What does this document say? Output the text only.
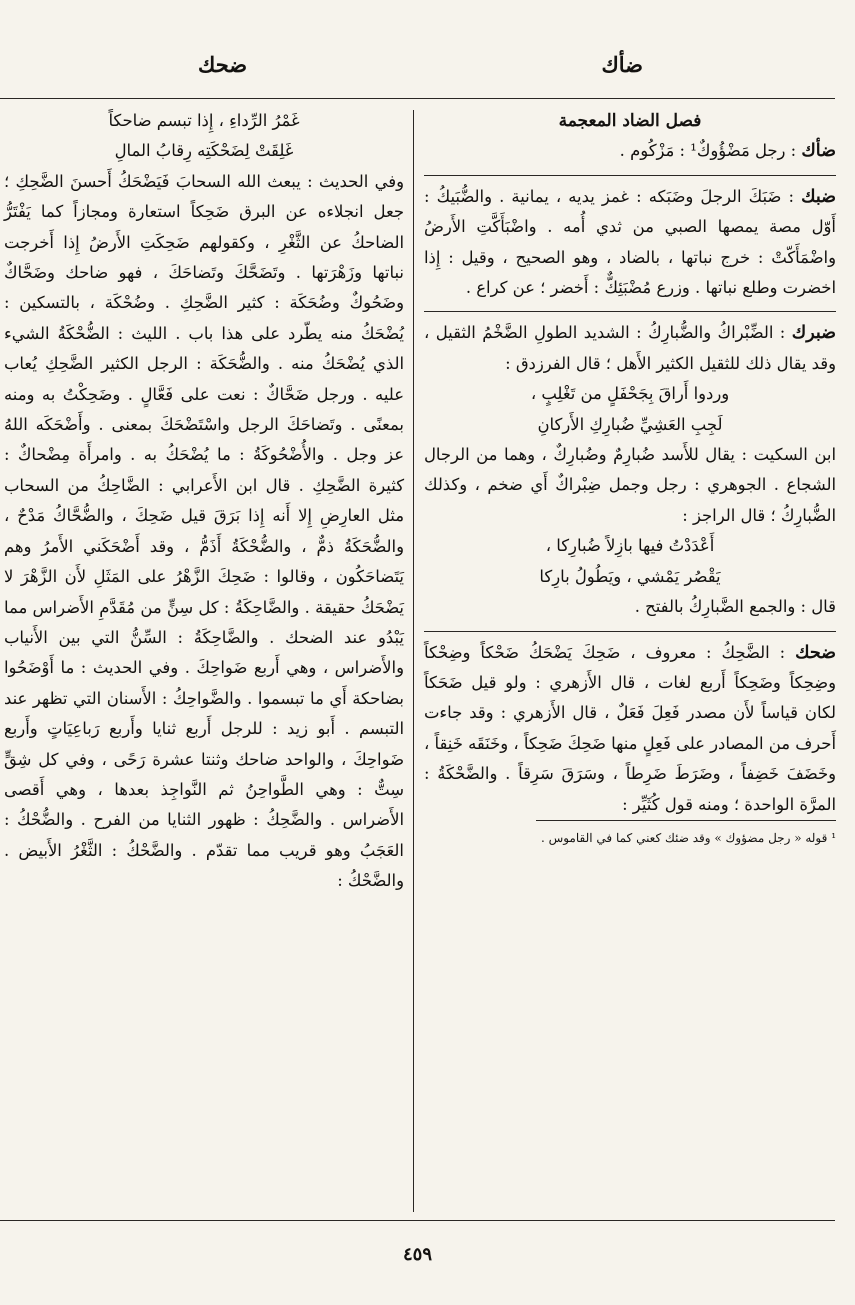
ضأك
ضحك

فصل الضاد المعجمة

ضأك : رجل مَضْؤُوكٌ¹ : مَزْكُوم .

ضبك : ضَبَكَ الرجلَ وضَبَكه : غمز يديه ، يمانية . والضُّبَيكُ : أَوّل مصة يمصها الصبي من ثدي أُمه . واضْبَأَكَّتِ الأَرضُ واضْمَأَكّتْ : خرج نباتها ، بالضاد ، وهو الصحيح ، وقيل : إِذا اخضرت وطلع نباتها . وزرع مُضْبَئِكٌّ : أَخضر ؛ عن كراع .

ضبرك : الضِّبْراكُ والضُّبارِكُ : الشديد الطولِ الضَّخْمُ الثقيل ، وقد يقال ذلك للثقيل الكثير الأَهل ؛ قال الفرزدق :

وردوا أَراقَ بِجَحْفَلٍ من تَغْلِبٍ ،
لَجِبِ العَشِيِّ ضُبارِكِ الأَركانِ

ابن السكيت : يقال للأَسد ضُبارِمٌ وضُبارِكٌ ، وهما من الرجال الشجاع . الجوهري : رجل وجمل ضِبْراكٌ أَي ضخم ، وكذلك الضُّبارِكُ ؛ قال الراجز :

أَعْدَدْتُ فيها بازِلاً ضُبارِكا ،
يَقْصُر يَمْشي ، ويَطُولُ بارِكا

قال : والجمع الضَّبارِكُ بالفتح .

ضحك : الضَّحِكُ : معروف ، ضَحِكَ يَضْحَكُ ضَحْكاً وضِحْكاً وضِحِكاً وضَحِكاً أَربع لغات ، قال الأَزهري : ولو قيل ضَحَكاً لكان قياساً لأَن مصدر فَعِلَ فَعَلٌ ، قال الأَزهري : وقد جاءت أَحرف من المصادر على فَعِلٍ منها ضَحِكَ ضَحِكاً ، وخَنَقَه خَنِقاً ، وخَضَفَ خَضِفاً ، وضَرَطَ ضَرِطاً ، وسَرَقَ سَرِقاً . والضَّحْكَةُ : المرَّة الواحدة ؛ ومنه قول كُثَيِّر :

¹ قوله « رجل مضؤوك » وقد ضئك كعني كما في القاموس .

غَمْرُ الرِّداءِ ، إِذا تبسم ضاحكاً
غَلِقَتْ لِضَحْكَتِه رِقابُ المالِ

وفي الحديث : يبعث الله السحابَ فَيَضْحَكُ أَحسنَ الضَّحِكِ ؛ جعل انجلاءه عن البرق ضَحِكاً استعارة ومجازاً كما يَفْتَرُّ الضاحكُ عن الثَّغْرِ ، وكقولهم ضَحِكَتِ الأَرضُ إِذا أَخرجت نباتها وزَهْرَتها . وتَضَحَّكَ وتَضاحَكَ ، فهو ضاحك وضَحَّاكٌ وضَحُوكٌ وضُحَكَة : كثير الضَّحِكِ . وضُحْكَة ، بالتسكين : يُضْحَكُ منه يطّرد على هذا باب . الليث : الضُّحْكَةُ الشيء الذي يُضْحَكُ منه . والضُّحَكَة : الرجل الكثير الضَّحِكِ يُعاب عليه . ورجل ضَحَّاكٌ : نعت على فَعَّالٍ . وضَحِكْتُ به ومنه بمعنًى . وتَضاحَكَ الرجل واسْتَضْحَكَ بمعنى . وأَضْحَكَه اللهُ عز وجل . والأُضْحُوكَةُ : ما يُضْحَكُ به . وامرأَة مِضْحاكٌ : كثيرة الضَّحِكِ . قال ابن الأَعرابي : الضَّاحِكُ من السحاب مثل العارِضِ إِلا أَنه إِذا بَرَقَ قيل ضَحِكَ ، والضُّحَّاكُ مَدْحٌ ، والضُّحَكَةُ ذمٌّ ، والضُّحْكَةُ أَذَمُّ ، وقد أَضْحَكَني الأَمرُ وهم يَتَضاحَكُون ، وقالوا : ضَحِكَ الزَّهْرُ على المَثَلِ لأَن الزَّهْرَ لا يَضْحَكُ حقيقة . والضَّاحِكَةُ : كل سِنٍّ من مُقَدَّمِ الأَضراس مما يَبْدُو عند الضحك . والضَّاحِكَةُ : السِّنُّ التي بين الأَنياب والأَضراس ، وهي أَربع ضَواحِكَ . وفي الحديث : ما أَوْضَحُوا بضاحكة أَي ما تبسموا . والضَّواحِكُ : الأَسنان التي تظهر عند التبسم . أَبو زيد : للرجل أَربع ثنايا وأَربع رَباعِيَاتٍ وأَربع ضَواحِكَ ، والواحد ضاحك وثنتا عشرة رَحًى ، وفي كل شِقٍّ سِتٌّ : وهي الطَّواحِنُ ثم النَّواجِذ بعدها ، وهي أَقصى الأَضراس . والضَّحِكُ : ظهور الثنايا من الفرح . والضُّحْكُ : العَجَبُ وهو قريب مما تقدّم . والضَّحْكُ : الثَّغْرُ الأَبيض . والضَّحْكُ :

٤٥٩
